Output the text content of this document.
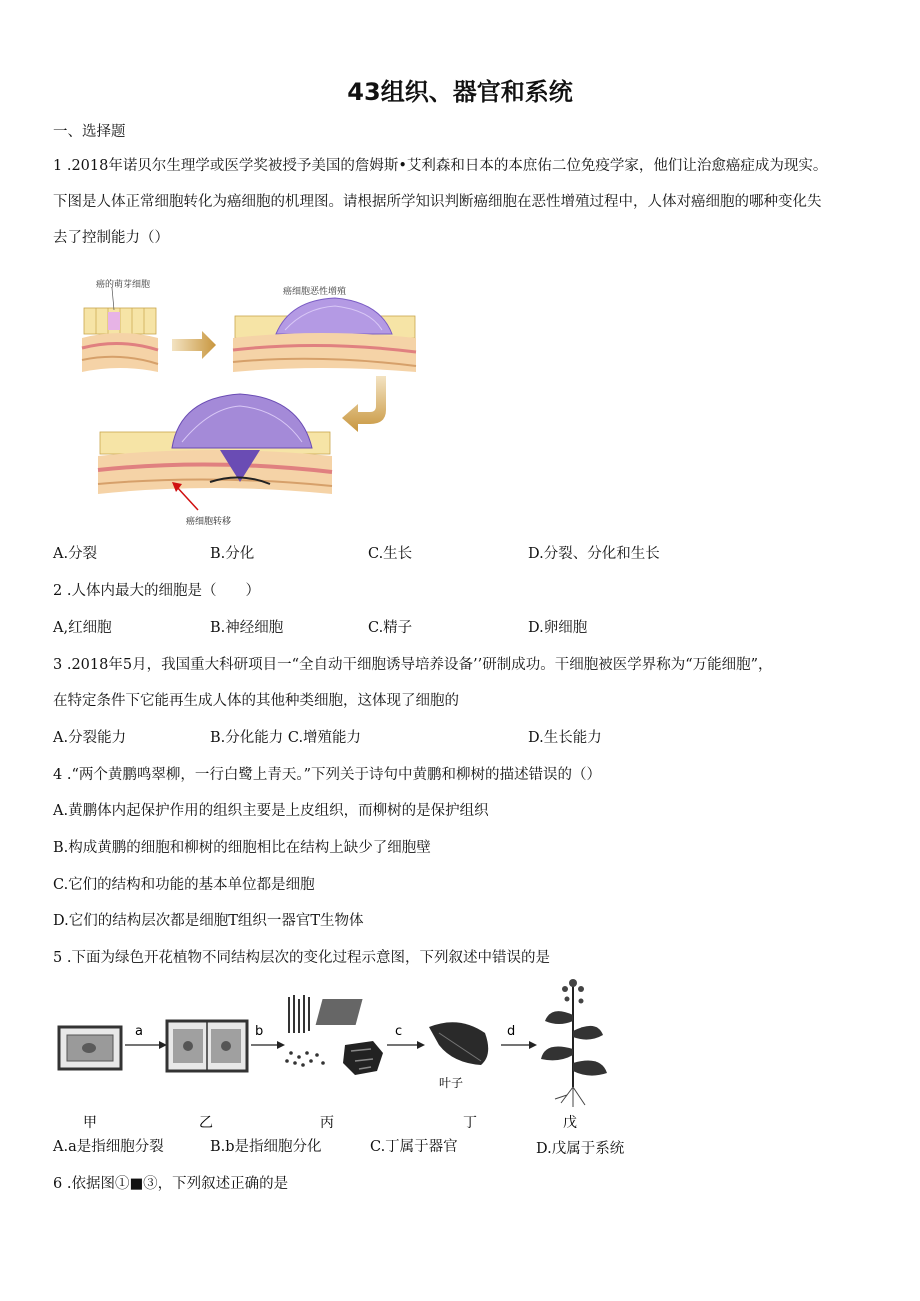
43组织、器官和系统
一、选择题
1 .2018年诺贝尔生理学或医学奖被授予美国的詹姆斯•艾利森和日本的本庶佑二位免疫学家，他们让治愈癌症成为现实。
下图是人体正常细胞转化为癌细胞的机理图。请根据所学知识判断癌细胞在恶性增殖过程中，人体对癌细胞的哪种变化失
去了控制能力（）
癌的萌芽细胞
癌细胞恶性增殖
癌细胞转移
A.分裂	B.分化	C.生长	D.分裂、分化和生长
2 .人体内最大的细胞是（　　）
A,红细胞	B.神经细胞	C.精子	D.卵细胞
3 .2018年5月，我国重大科研项目一“全自动干细胞诱导培养设备’’研制成功。干细胞被医学界称为“万能细胞”，
在特定条件下它能再生成人体的其他种类细胞，这体现了细胞的
A.分裂能力	B.分化能力 C.增殖能力	D.生长能力
4 .“两个黄鹏鸣翠柳，一行白鹭上青天。”下列关于诗句中黄鹏和柳树的描述错误的（）
A.黄鹏体内起保护作用的组织主要是上皮组织，而柳树的是保护组织
B.构成黄鹏的细胞和柳树的细胞相比在结构上缺少了细胞壁
C.它们的结构和功能的基本单位都是细胞
D.它们的结构层次都是细胞T组织一器官T生物体
5 .下面为绿色开花植物不同结构层次的变化过程示意图，下列叙述中错误的是
a	b	c
叶子
d
甲	乙	丙	丁	戊
A.a是指细胞分裂	B.b是指细胞分化	C.丁属于器官	D.戊属于系统
6 .依据图①■③，下列叙述正确的是
